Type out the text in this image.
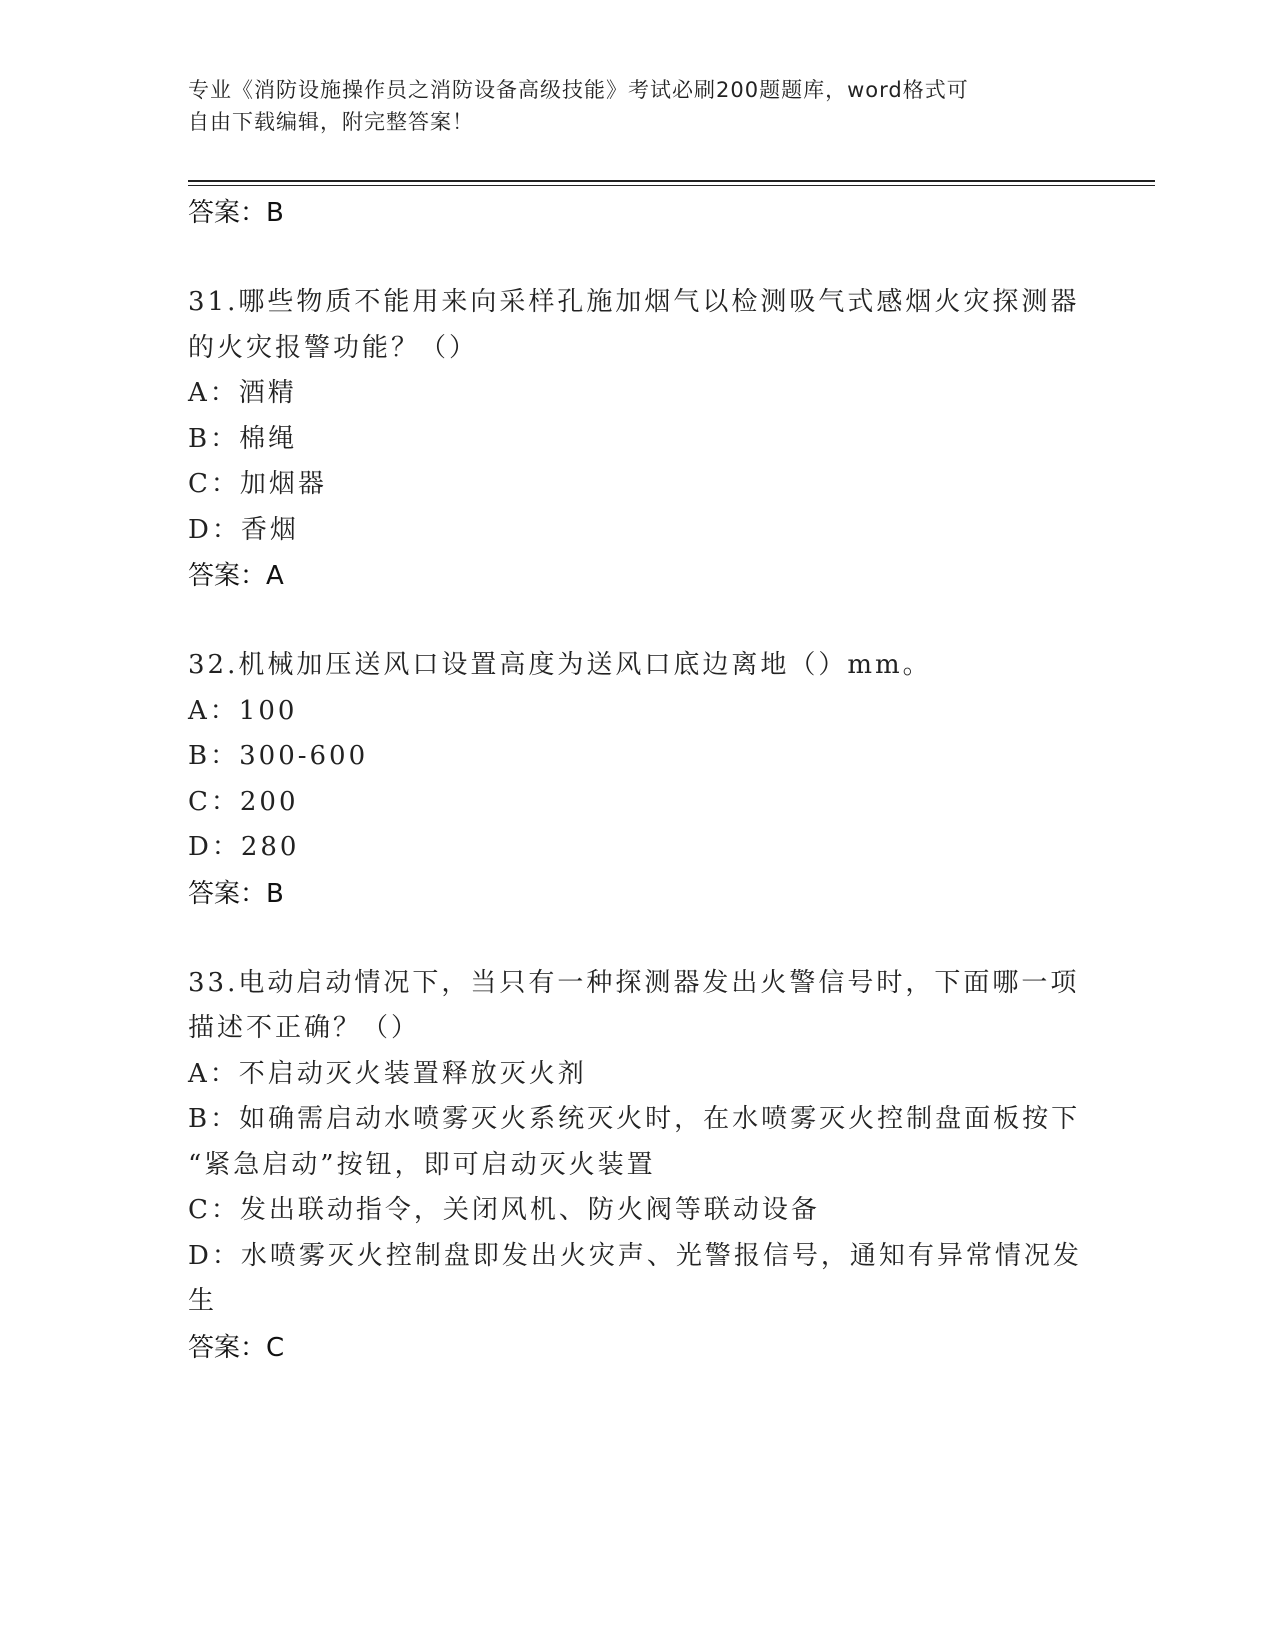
专业《消防设施操作员之消防设备高级技能》考试必刷200题题库，word格式可
自由下载编辑，附完整答案！

答案：B

31.哪些物质不能用来向采样孔施加烟气以检测吸气式感烟火灾探测器

的火灾报警功能？（）

A：酒精

B：棉绳

C：加烟器

D：香烟

答案：A

32.机械加压送风口设置高度为送风口底边离地（）mm。

A：100

B：300-600

C：200

D：280

答案：B

33.电动启动情况下，当只有一种探测器发出火警信号时，下面哪一项

描述不正确？（）

A：不启动灭火装置释放灭火剂

B：如确需启动水喷雾灭火系统灭火时，在水喷雾灭火控制盘面板按下

“紧急启动”按钮，即可启动灭火装置

C：发出联动指令，关闭风机、防火阀等联动设备

D：水喷雾灭火控制盘即发出火灾声、光警报信号，通知有异常情况发

生

答案：C
